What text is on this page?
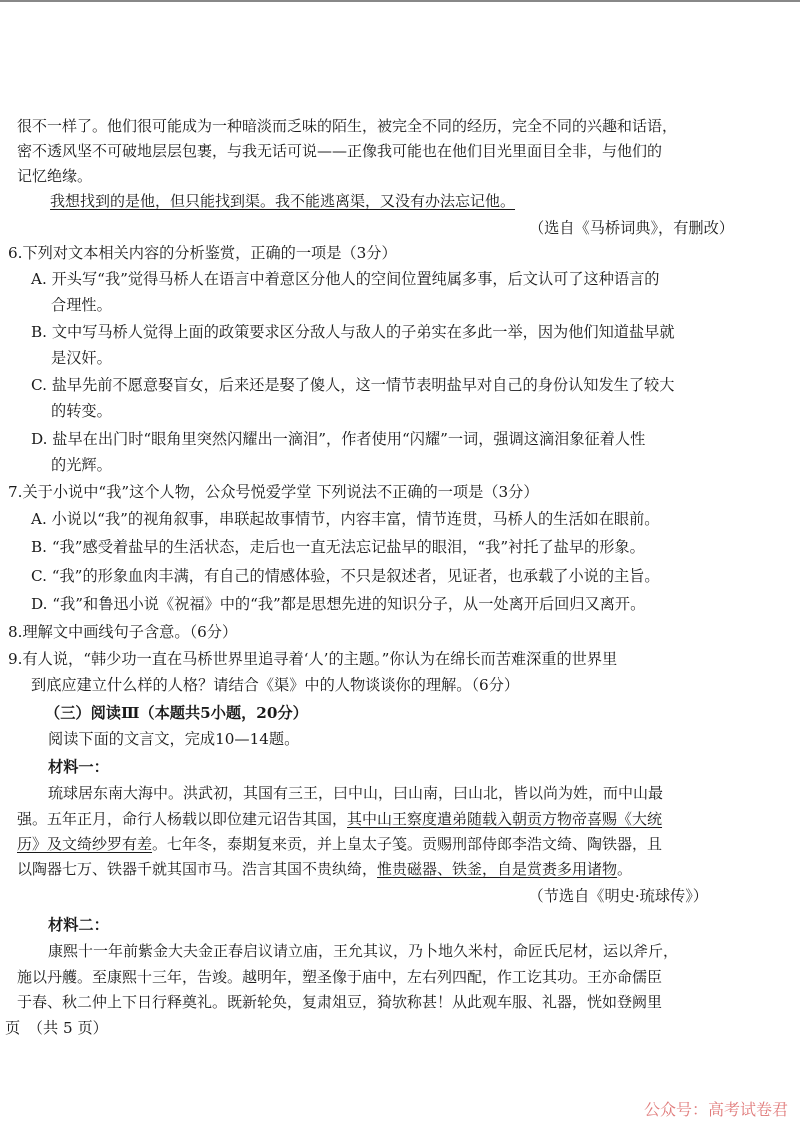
很不一样了。他们很可能成为一种暗淡而乏味的陌生，被完全不同的经历，完全不同的兴趣和话语，
密不透风坚不可破地层层包裹，与我无话可说——正像我可能也在他们目光里面目全非，与他们的
记忆绝缘。
我想找到的是他，但只能找到渠。我不能逃离渠，又没有办法忘记他。
（选自《马桥词典》，有删改）
6.下列对文本相关内容的分析鉴赏，正确的一项是（3分）
A. 开头写“我”觉得马桥人在语言中着意区分他人的空间位置纯属多事，后文认可了这种语言的
合理性。
B. 文中写马桥人觉得上面的政策要求区分敌人与敌人的子弟实在多此一举，因为他们知道盐早就
是汉奸。
C. 盐早先前不愿意娶盲女，后来还是娶了傻人，这一情节表明盐早对自己的身份认知发生了较大
的转变。
D. 盐早在出门时“眼角里突然闪耀出一滴泪”，作者使用“闪耀”一词，强调这滴泪象征着人性
的光辉。
7.关于小说中“我”这个人物，公众号悦爱学堂 下列说法不正确的一项是（3分）
A. 小说以“我”的视角叙事，串联起故事情节，内容丰富，情节连贯，马桥人的生活如在眼前。
B. “我”感受着盐早的生活状态，走后也一直无法忘记盐早的眼泪，“我”衬托了盐早的形象。
C. “我”的形象血肉丰满，有自己的情感体验，不只是叙述者，见证者，也承载了小说的主旨。
D. “我”和鲁迅小说《祝福》中的“我”都是思想先进的知识分子，从一处离开后回归又离开。
8.理解文中画线句子含意。（6分）
9.有人说，“韩少功一直在马桥世界里追寻着‘人’的主题。”你认为在绵长而苦难深重的世界里
到底应建立什么样的人格？请结合《渠》中的人物谈谈你的理解。（6分）
（三）阅读Ⅲ（本题共5小题，20分）
阅读下面的文言文，完成10—14题。
材料一：
琉球居东南大海中。洪武初，其国有三王，曰中山，曰山南，曰山北，皆以尚为姓，而中山最
强。五年正月，命行人杨载以即位建元诏告其国，其中山王察度遣弟随载入朝贡方物帝喜赐《大统
历》及文绮纱罗有差。七年冬，泰期复来贡，并上皇太子笺。贡赐刑部侍郎李浩文绮、陶铁器，且
以陶器七万、铁器千就其国市马。浩言其国不贵纨绮，惟贵磁器、铁釜，自是赏赉多用诸物。
（节选自《明史·琉球传》）
材料二：
康熙十一年前紫金大夫金正春启议请立庙，王允其议，乃卜地久米村，命匠氏尼材，运以斧斤，
施以丹艧。至康熙十三年，告竣。越明年，塑圣像于庙中，左右列四配，作工讫其功。王亦命儒臣
于春、秋二仲上下日行释奠礼。既新轮奂，复肃俎豆，猗欤称甚！从此观车服、礼器，恍如登阙里
页　（共 5 页）
公众号：高考试卷君
